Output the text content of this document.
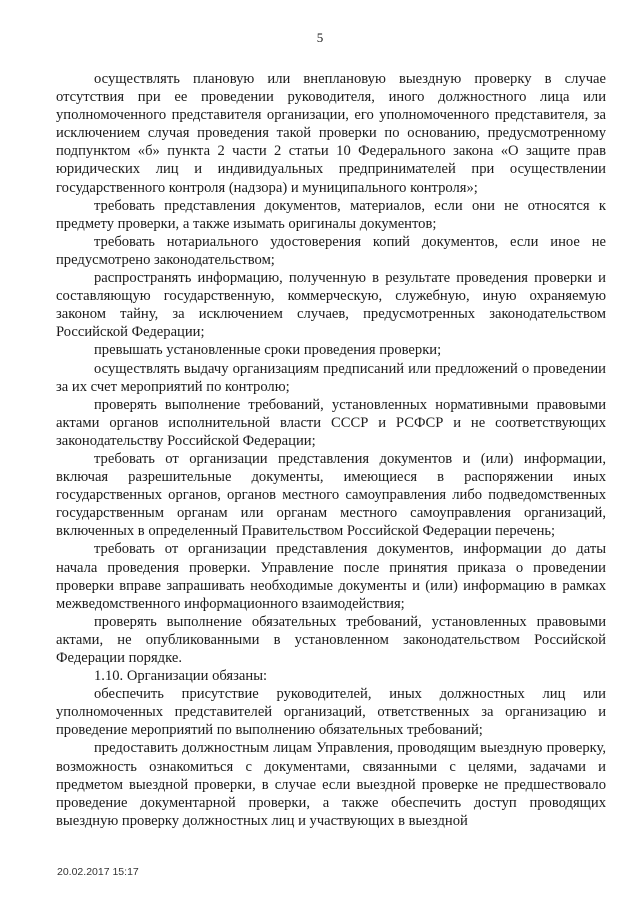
5

осуществлять плановую или внеплановую выездную проверку в случае отсутствия при ее проведении руководителя, иного должностного лица или уполномоченного представителя организации, его уполномоченного представителя, за исключением случая проведения такой проверки по основанию, предусмотренному подпунктом «б» пункта 2 части 2 статьи 10 Федерального закона «О защите прав юридических лиц и индивидуальных предпринимателей при осуществлении государственного контроля (надзора) и муниципального контроля»;

требовать представления документов, материалов, если они не относятся к предмету проверки, а также изымать оригиналы документов;

требовать нотариального удостоверения копий документов, если иное не предусмотрено законодательством;

распространять информацию, полученную в результате проведения проверки и составляющую государственную, коммерческую, служебную, иную охраняемую законом тайну, за исключением случаев, предусмотренных законодательством Российской Федерации;

превышать установленные сроки проведения проверки;

осуществлять выдачу организациям предписаний или предложений о проведении за их счет мероприятий по контролю;

проверять выполнение требований, установленных нормативными правовыми актами органов исполнительной власти СССР и РСФСР и не соответствующих законодательству Российской Федерации;

требовать от организации представления документов и (или) информации, включая разрешительные документы, имеющиеся в распоряжении иных государственных органов, органов местного самоуправления либо подведомственных государственным органам или органам местного самоуправления организаций, включенных в определенный Правительством Российской Федерации перечень;

требовать от организации представления документов, информации до даты начала проведения проверки. Управление после принятия приказа о проведении проверки вправе запрашивать необходимые документы и (или) информацию в рамках межведомственного информационного взаимодействия;

проверять выполнение обязательных требований, установленных правовыми актами, не опубликованными в установленном законодательством Российской Федерации порядке.

1.10. Организации обязаны:

обеспечить присутствие руководителей, иных должностных лиц или уполномоченных представителей организаций, ответственных за организацию и проведение мероприятий по выполнению обязательных требований;

предоставить должностным лицам Управления, проводящим выездную проверку, возможность ознакомиться с документами, связанными с целями, задачами и предметом выездной проверки, в случае если выездной проверке не предшествовало проведение документарной проверки, а также обеспечить доступ проводящих выездную проверку должностных лиц и участвующих в выездной

20.02.2017 15:17
